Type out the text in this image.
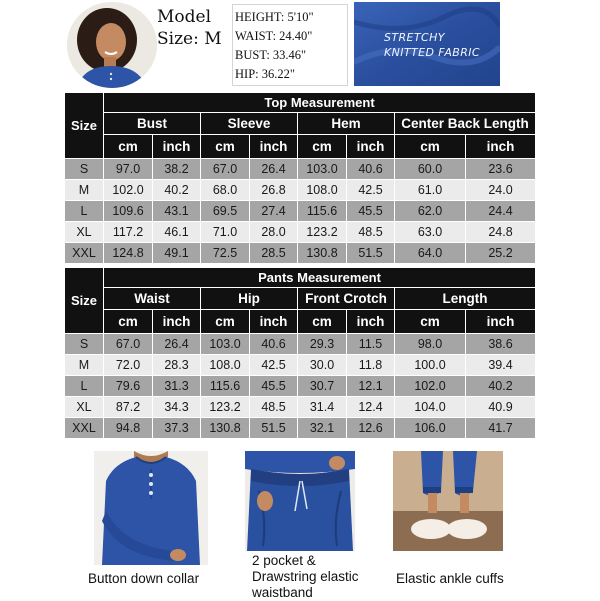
Model
Size: M
HEIGHT: 5'10"
WAIST: 24.40"
BUST: 33.46"
HIP: 36.22"
STRETCHY
KNITTED FABRIC
Size	Top Measurement							
	Bust		Sleeve		Hem		Center Back Length	
	cm	inch	cm	inch	cm	inch	cm	inch
S	97.0	38.2	67.0	26.4	103.0	40.6	60.0	23.6
M	102.0	40.2	68.0	26.8	108.0	42.5	61.0	24.0
L	109.6	43.1	69.5	27.4	115.6	45.5	62.0	24.4
XL	117.2	46.1	71.0	28.0	123.2	48.5	63.0	24.8
XXL	124.8	49.1	72.5	28.5	130.8	51.5	64.0	25.2
Size	Pants Measurement							
	Waist		Hip		Front Crotch		Length	
	cm	inch	cm	inch	cm	inch	cm	inch
S	67.0	26.4	103.0	40.6	29.3	11.5	98.0	38.6
M	72.0	28.3	108.0	42.5	30.0	11.8	100.0	39.4
L	79.6	31.3	115.6	45.5	30.7	12.1	102.0	40.2
XL	87.2	34.3	123.2	48.5	31.4	12.4	104.0	40.9
XXL	94.8	37.3	130.8	51.5	32.1	12.6	106.0	41.7
Button down collar
2 pocket &
Drawstring elastic
waistband
Elastic ankle cuffs
